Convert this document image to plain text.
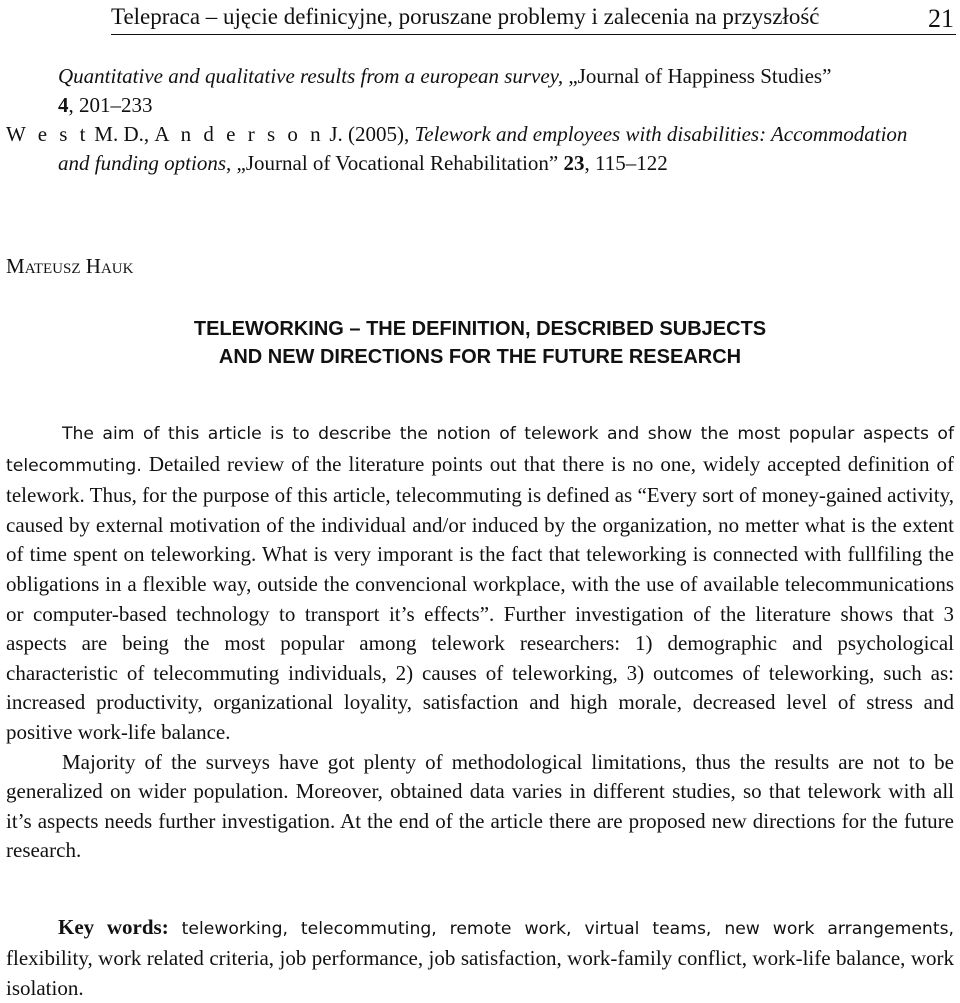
Telepraca – ujęcie definicyjne, poruszane problemy i zalecenia na przyszłość	21
Quantitative and qualitative results from a european survey, „Journal of Happiness Studies”
4, 201–233
W e s t M. D., A n d e r s o n J. (2005), Telework and employees with disabilities: Accommodation
and funding options, „Journal of Vocational Rehabilitation” 23, 115–122
MATEUSZ HAUK
TELEWORKING – THE DEFINITION, DESCRIBED SUBJECTS
AND NEW DIRECTIONS FOR THE FUTURE RESEARCH

The aim of this article is to describe the notion of telework and show the most popular aspects of telecommuting. Detailed review of the literature points out that there is no one, widely accepted definition of telework. Thus, for the purpose of this article, telecommuting is defined as “Every sort of money-gained activity, caused by external motivation of the individual and/or induced by the organization, no metter what is the extent of time spent on teleworking. What is very imporant is the fact that teleworking is connected with fullfiling the obligations in a flexible way, outside the convencional workplace, with the use of available telecommunications or computer-based technology to transport it’s effects”. Further investigation of the literature shows that 3 aspects are being the most popular among telework researchers: 1) demographic and psychological characteristic of telecommuting individuals, 2) causes of teleworking, 3) outcomes of teleworking, such as: increased productivity, organizational loyality, satisfaction and high morale, decreased level of stress and positive work-life balance.

Majority of the surveys have got plenty of methodological limitations, thus the results are not to be generalized on wider population. Moreover, obtained data varies in different studies, so that telework with all it’s aspects needs further investigation. At the end of the article there are proposed new directions for the future research.

Key words: teleworking, telecommuting, remote work, virtual teams, new work arrangements, flexibility, work related criteria, job performance, job satisfaction, work-family conflict, work-life balance, work isolation.
